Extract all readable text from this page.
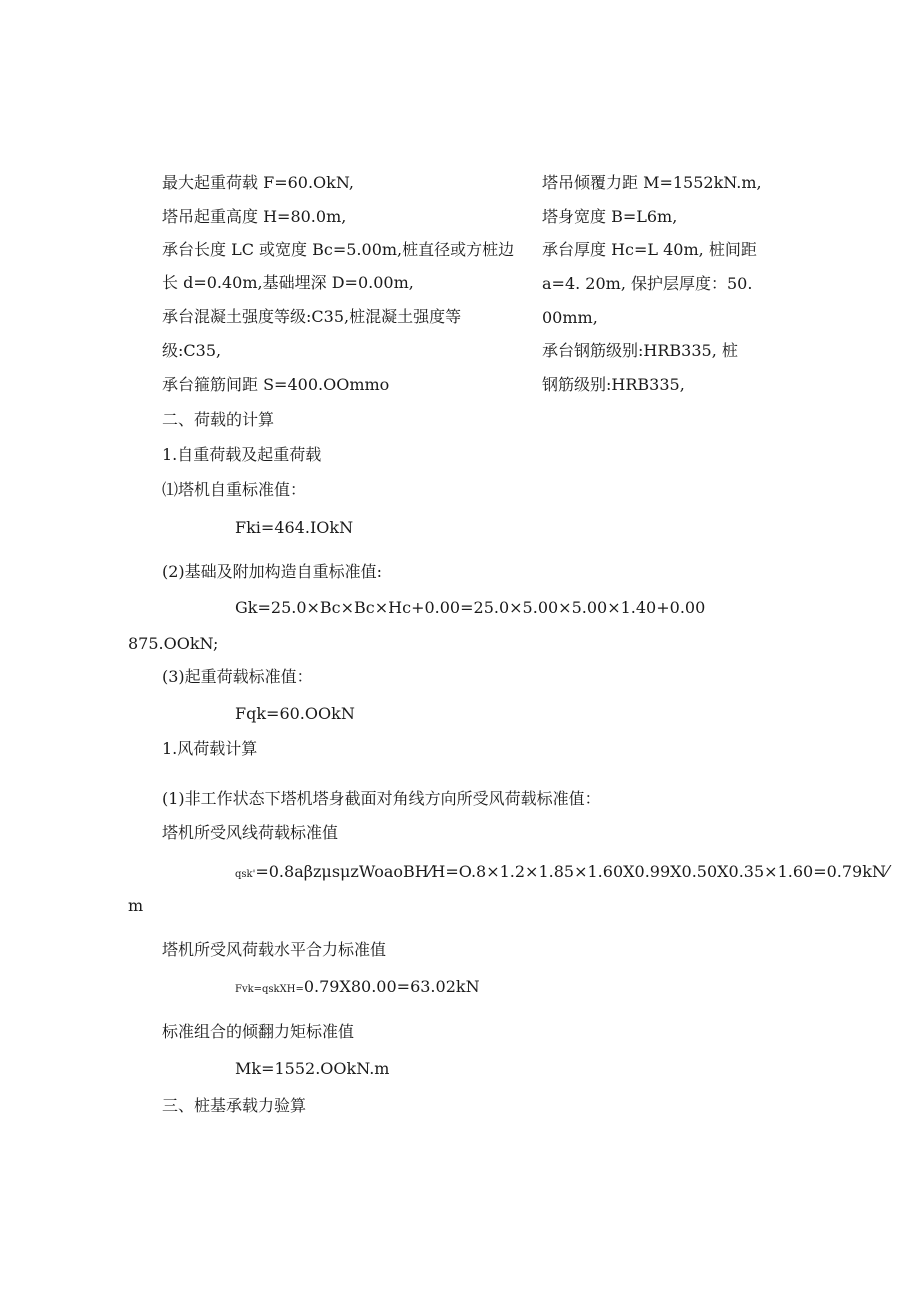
最大起重荷载 F=60.OkN,
塔吊起重高度 H=80.0m,
承台长度 LC 或宽度 Bc=5.00m,桩直径或方桩边
长 d=0.40m,基础埋深 D=0.00m,
承台混凝土强度等级:C35,桩混凝土强度等
级:C35,
承台箍筋间距 S=400.OOmmo
塔吊倾覆力距 M=1552kN.m,
塔身宽度 B=L6m,
承台厚度 Hc=L 40m, 桩间距
a=4. 20m, 保护层厚度：50.
00mm,
承台钢筋级别:HRB335, 桩
钢筋级别:HRB335,
二、荷载的计算
1.自重荷载及起重荷载
⑴塔机自重标准值：
Fki=464.IOkN
(2)基础及附加构造自重标准值:
Gk=25.0×Bc×Bc×Hc+0.00=25.0×5.00×5.00×1.40+0.00
875.OOkN;
(3)起重荷载标准值：
Fqk=60.OOkN
1.风荷载计算
(1)非工作状态下塔机塔身截面对角线方向所受风荷载标准值：
塔机所受风线荷载标准值
qsk'=0.8aβzμsμzWoaoBH⁄H=O.8×1.2×1.85×1.60X0.99X0.50X0.35×1.60=0.79kN⁄
m
塔机所受风荷载水平合力标准值
Fvk=qskXH=0.79X80.00=63.02kN
标准组合的倾翻力矩标准值
Mk=1552.OOkN.m
三、桩基承载力验算
